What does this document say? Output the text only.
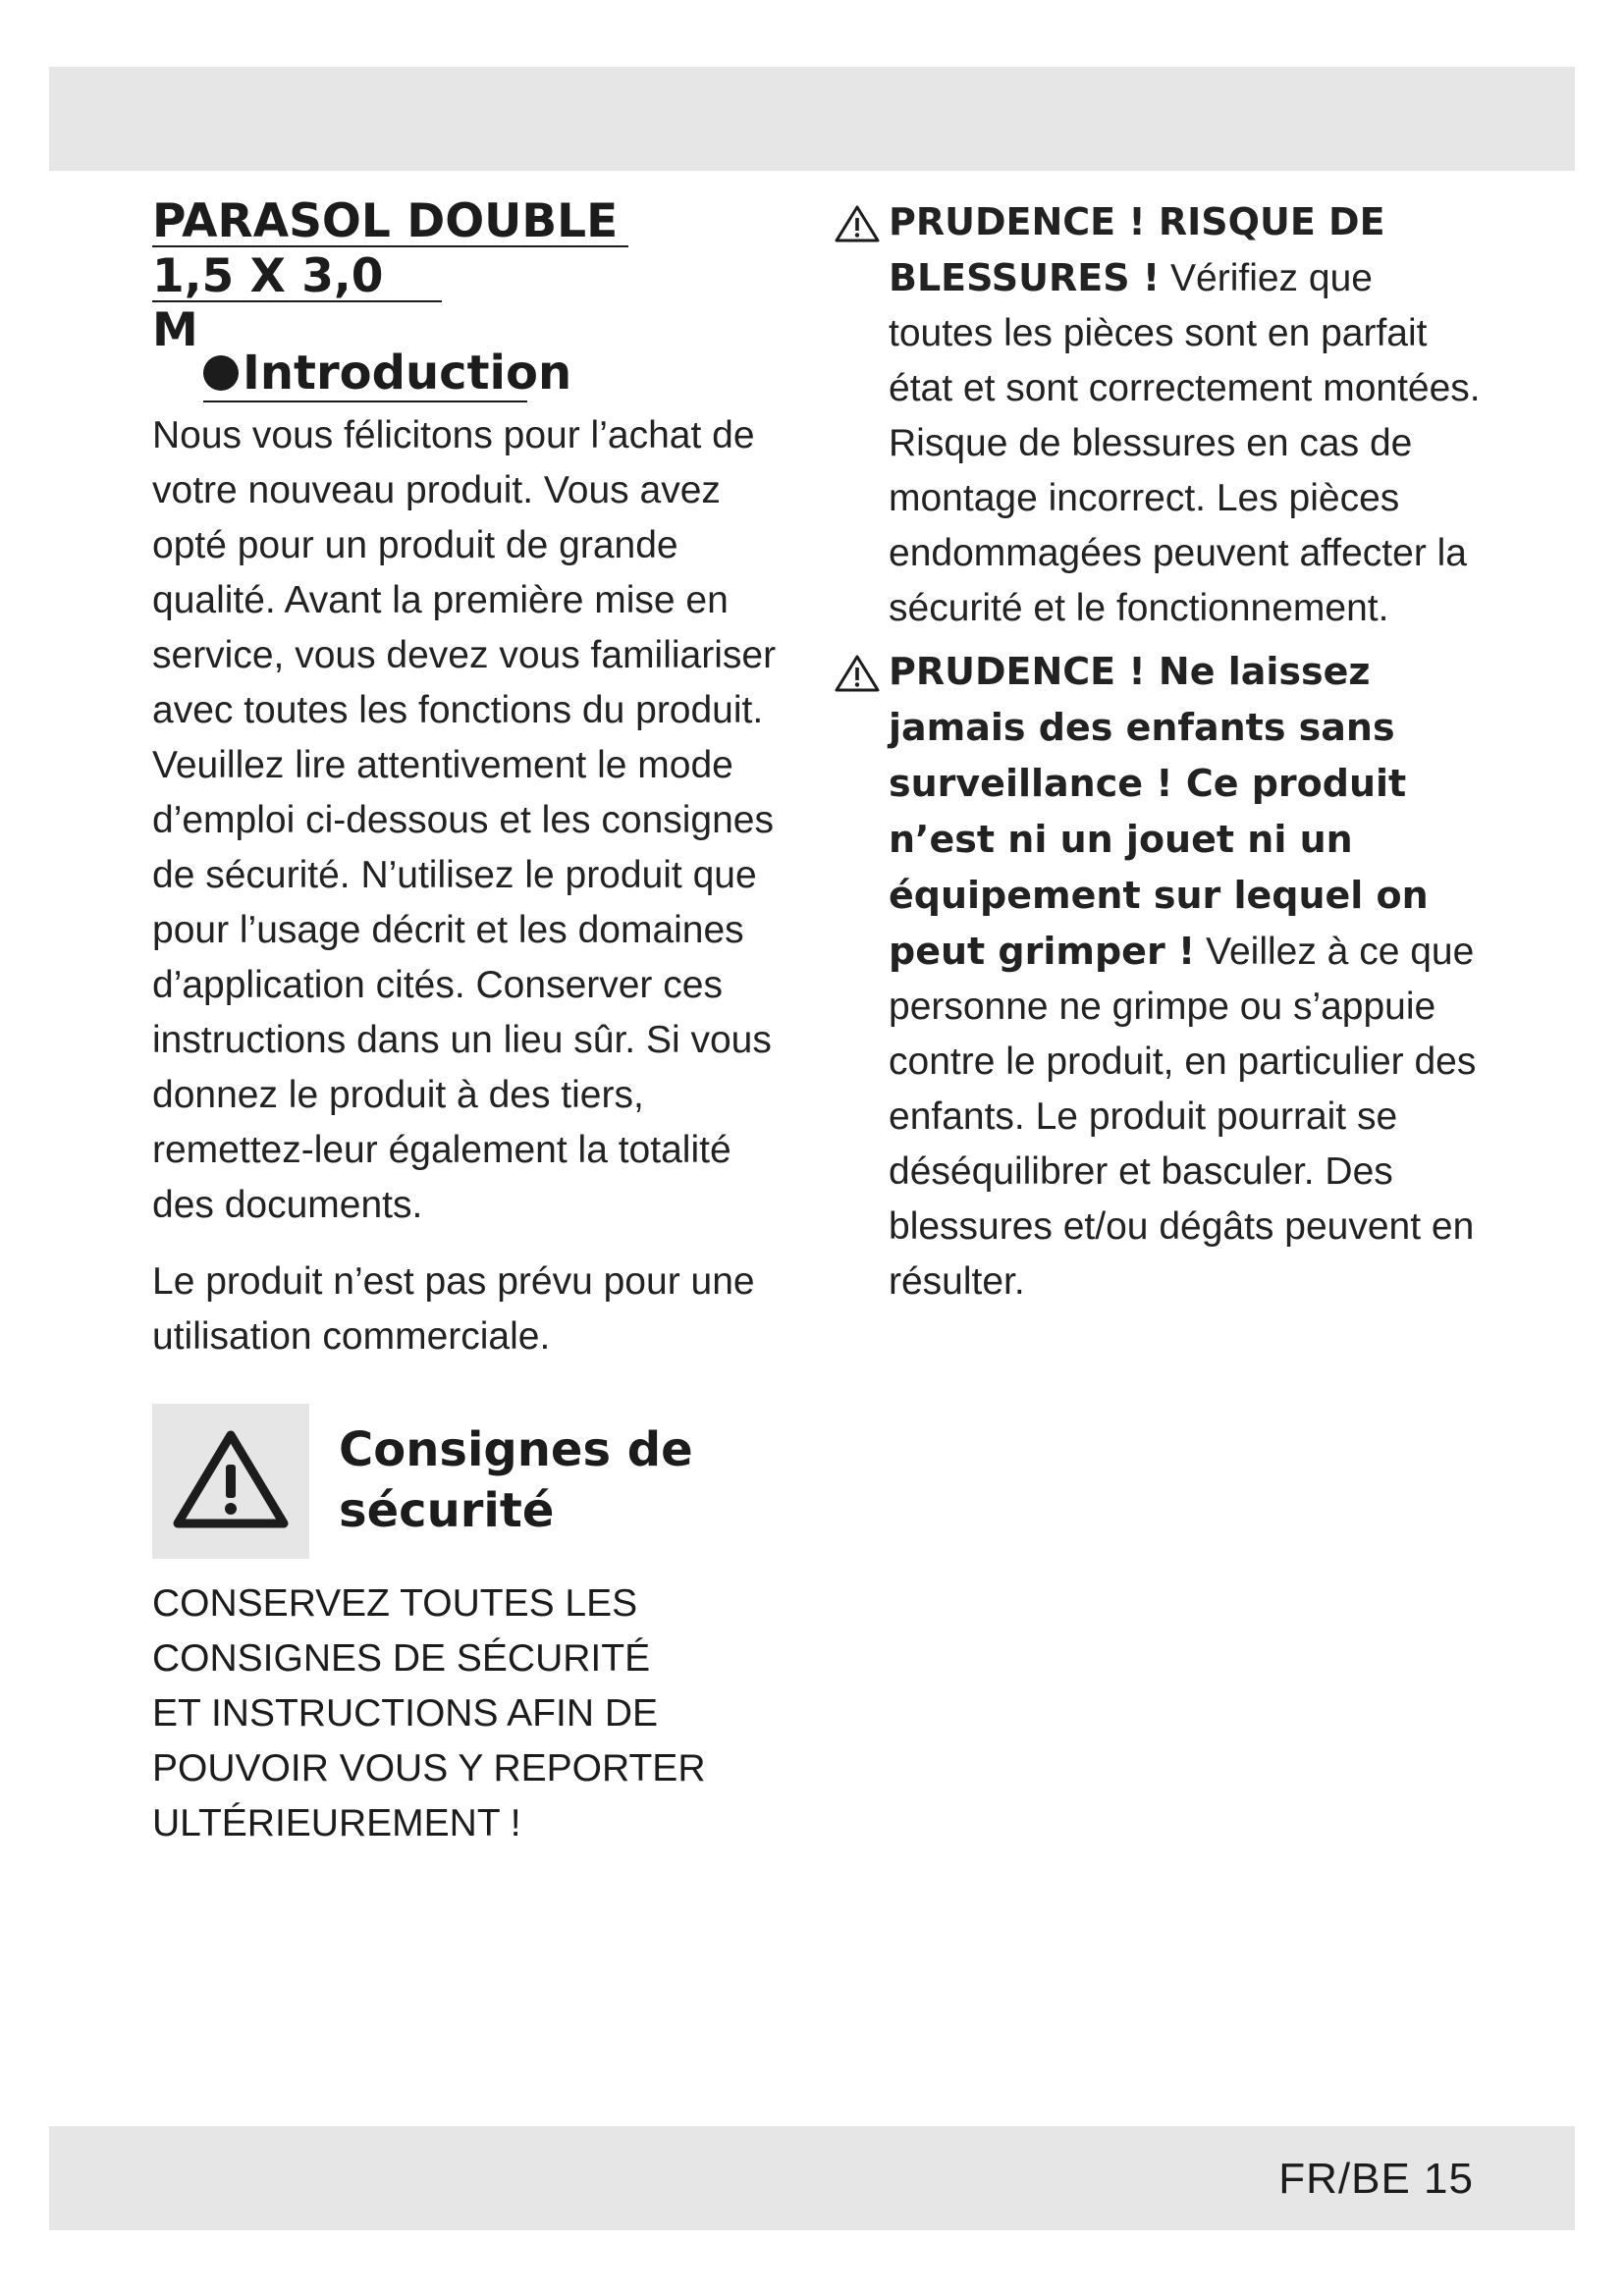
PARASOL DOUBLE
1,5 X 3,0 M
Introduction

Nous vous félicitons pour l’achat de votre nouveau produit. Vous avez opté pour un produit de grande qualité. Avant la première mise en service, vous devez vous familiariser avec toutes les fonctions du produit. Veuillez lire attentivement le mode d’emploi ci-dessous et les consignes de sécurité. N’utilisez le produit que pour l’usage décrit et les domaines d’application cités. Conserver ces instructions dans un lieu sûr. Si vous donnez le produit à des tiers, remettez-leur également la totalité des documents.

Le produit n’est pas prévu pour une utilisation commerciale.

Consignes de
sécurité

CONSERVEZ TOUTES LES
CONSIGNES DE SÉCURITÉ
ET INSTRUCTIONS AFIN DE
POUVOIR VOUS Y REPORTER
ULTÉRIEUREMENT !

PRUDENCE ! RISQUE DE BLESSURES ! Vérifiez que toutes les pièces sont en parfait état et sont correctement montées. Risque de blessures en cas de montage incorrect. Les pièces endommagées peuvent affecter la sécurité et le fonctionnement.

PRUDENCE ! Ne laissez jamais des enfants sans surveillance ! Ce produit n’est ni un jouet ni un équipement sur lequel on peut grimper ! Veillez à ce que personne ne grimpe ou s’appuie contre le produit, en particulier des enfants. Le produit pourrait se déséquilibrer et basculer. Des blessures et/ou dégâts peuvent en résulter.

FR/BE 15
